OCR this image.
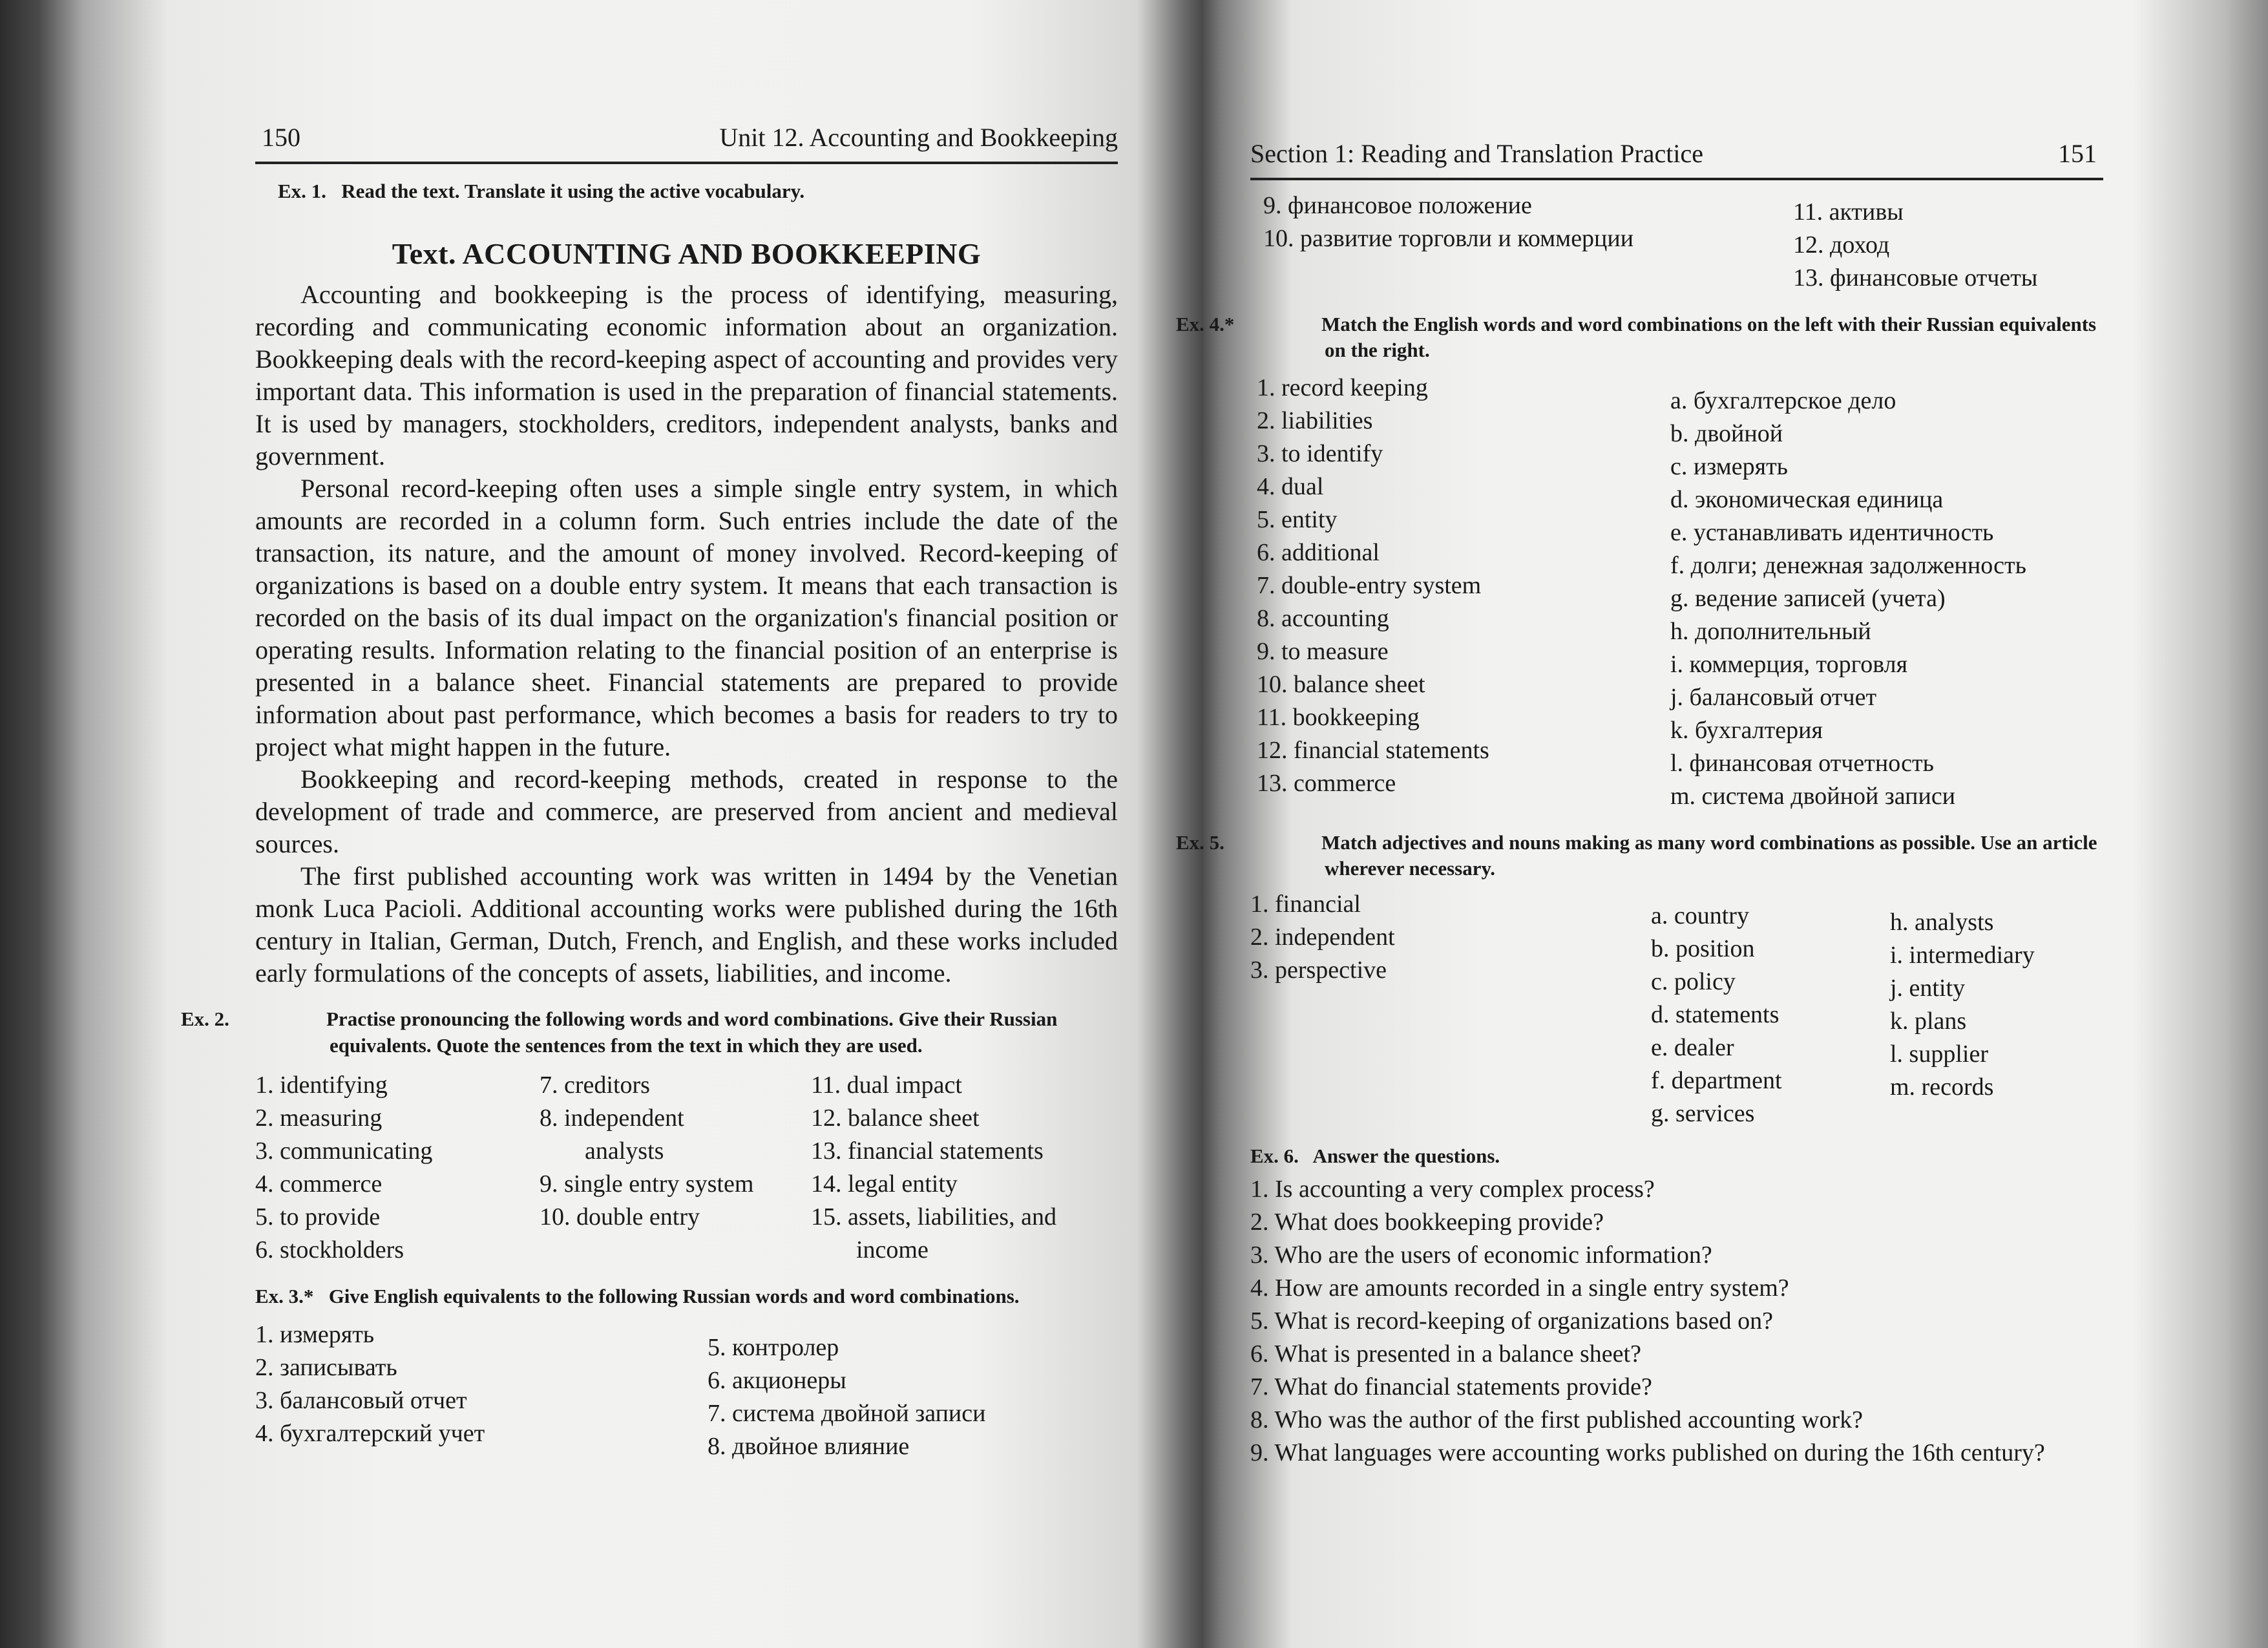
150	Unit 12. Accounting and Bookkeeping

Ex. 1. Read the text. Translate it using the active vocabulary.

Text. ACCOUNTING AND BOOKKEEPING

Accounting and bookkeeping is the process of identifying, measuring, recording and communicating economic information about an organization. Bookkeeping deals with the record-keeping aspect of accounting and provides very important data. This information is used in the preparation of financial statements. It is used by managers, stockholders, creditors, independent analysts, banks and government.

Personal record-keeping often uses a simple single entry system, in which amounts are recorded in a column form. Such entries include the date of the transaction, its nature, and the amount of money involved. Record-keeping of organizations is based on a double entry system. It means that each transaction is recorded on the basis of its dual impact on the organization's financial position or operating results. Information relating to the financial position of an enterprise is presented in a balance sheet. Financial statements are prepared to provide information about past performance, which becomes a basis for readers to try to project what might happen in the future.

Bookkeeping and record-keeping methods, created in response to the development of trade and commerce, are preserved from ancient and medieval sources.

The first published accounting work was written in 1494 by the Venetian monk Luca Pacioli. Additional accounting works were published during the 16th century in Italian, German, Dutch, French, and English, and these works included early formulations of the concepts of assets, liabilities, and income.

Ex. 2.	Practise pronouncing the following words and word combinations. Give their Russian equivalents. Quote the sentences from the text in which they are used.

1. identifying
2. measuring
3. communicating
4. commerce
5. to provide
6. stockholders
7. creditors
8. independent analysts
9. single entry system
10. double entry
11. dual impact
12. balance sheet
13. financial statements
14. legal entity
15. assets, liabilities, and income

Ex. 3.* Give English equivalents to the following Russian words and word combinations.

1. измерять
2. записывать
3. балансовый отчет
4. бухгалтерский учет
5. контролер
6. акционеры
7. система двойной записи
8. двойное влияние
Section 1: Reading and Translation Practice	151
9. финансовое положение
10. развитие торговли и коммерции
11. активы
12. доход
13. финансовые отчеты

Ex. 4.*	Match the English words and word combinations on the left with their Russian equivalents on the right.

1. record keeping
2. liabilities
3. to identify
4. dual
5. entity
6. additional
7. double-entry system
8. accounting
9. to measure
10. balance sheet
11. bookkeeping
12. financial statements
13. commerce
a. бухгалтерское дело
b. двойной
c. измерять
d. экономическая единица
e. устанавливать идентичность
f. долги; денежная задолженность
g. ведение записей (учета)
h. дополнительный
i. коммерция, торговля
j. балансовый отчет
k. бухгалтерия
l. финансовая отчетность
m. система двойной записи

Ex. 5.	Match adjectives and nouns making as many word combinations as possible. Use an article wherever necessary.

1. financial
2. independent
3. perspective
a. country
b. position
c. policy
d. statements
e. dealer
f. department
g. services
h. analysts
i. intermediary
j. entity
k. plans
l. supplier
m. records

Ex. 6. Answer the questions.

1. Is accounting a very complex process?
2. What does bookkeeping provide?
3. Who are the users of economic information?
4. How are amounts recorded in a single entry system?
5. What is record-keeping of organizations based on?
6. What is presented in a balance sheet?
7. What do financial statements provide?
8. Who was the author of the first published accounting work?
9. What languages were accounting works published on during the 16th century?
